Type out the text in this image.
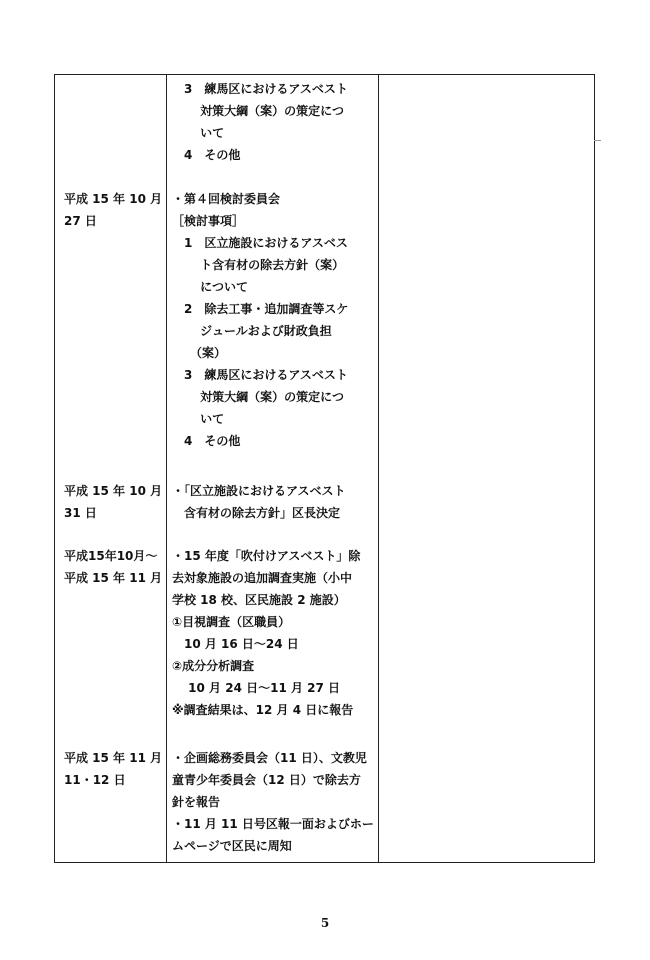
　3　練馬区におけるアスベスト
　　 対策大綱（案）の策定につ
　　 いて
　4　その他
平成 15 年 10 月
27 日
・第４回検討委員会
［検討事項］
　1　区立施設におけるアスベス
　　 ト含有材の除去方針（案）
　　 について
　2　除去工事・追加調査等スケ
　　 ジュールおよび財政負担
　　（案）
　3　練馬区におけるアスベスト
　　 対策大綱（案）の策定につ
　　 いて
　4　その他
平成 15 年 10 月
31 日
・「区立施設におけるアスベスト
　含有材の除去方針」区長決定
平成15年10月～
平成 15 年 11 月
・15 年度「吹付けアスベスト」除
去対象施設の追加調査実施（小中
学校 18 校、区民施設 2 施設）
①目視調査（区職員）
　10 月 16 日～24 日
②成分分析調査
　 10 月 24 日～11 月 27 日
※調査結果は、12 月 4 日に報告
平成 15 年 11 月
11・12 日
・企画総務委員会（11 日）、文教児
童青少年委員会（12 日）で除去方
針を報告
・11 月 11 日号区報一面およびホー
ムページで区民に周知
5
